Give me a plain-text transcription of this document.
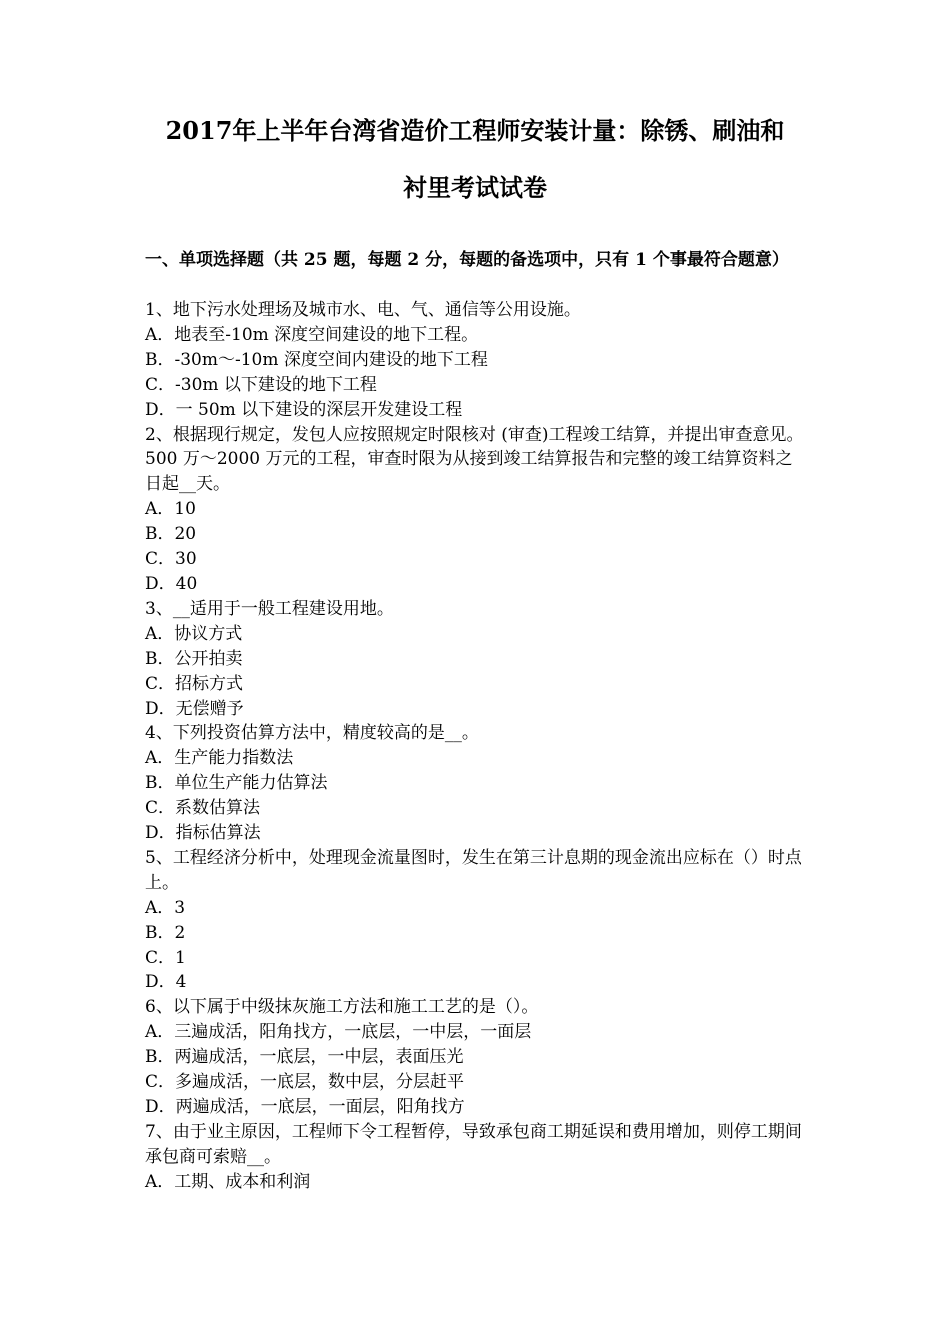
2017年上半年台湾省造价工程师安装计量：除锈、刷油和
衬里考试试卷
一、单项选择题（共 25 题，每题 2 分，每题的备选项中，只有 1 个事最符合题意）

1、地下污水处理场及城市水、电、气、通信等公用设施。

A．地表至-10m 深度空间建设的地下工程。

B．-30m～-10m 深度空间内建设的地下工程

C．-30m 以下建设的地下工程

D．一 50m 以下建设的深层开发建设工程

2、根据现行规定，发包人应按照规定时限核对 (审查)工程竣工结算，并提出审查意见。500 万～2000 万元的工程，审查时限为从接到竣工结算报告和完整的竣工结算资料之日起__天。

A．10

B．20

C．30

D．40

3、__适用于一般工程建设用地。

A．协议方式

B．公开拍卖

C．招标方式

D．无偿赠予

4、下列投资估算方法中，精度较高的是__。

A．生产能力指数法

B．单位生产能力估算法

C．系数估算法

D．指标估算法

5、工程经济分析中，处理现金流量图时，发生在第三计息期的现金流出应标在（）时点上。

A．3

B．2

C．1

D．4

6、以下属于中级抹灰施工方法和施工工艺的是（）。

A．三遍成活，阳角找方，一底层，一中层，一面层

B．两遍成活，一底层，一中层，表面压光

C．多遍成活，一底层，数中层，分层赶平

D．两遍成活，一底层，一面层，阳角找方

7、由于业主原因，工程师下令工程暂停，导致承包商工期延误和费用增加，则停工期间承包商可索赔__。

A．工期、成本和利润
